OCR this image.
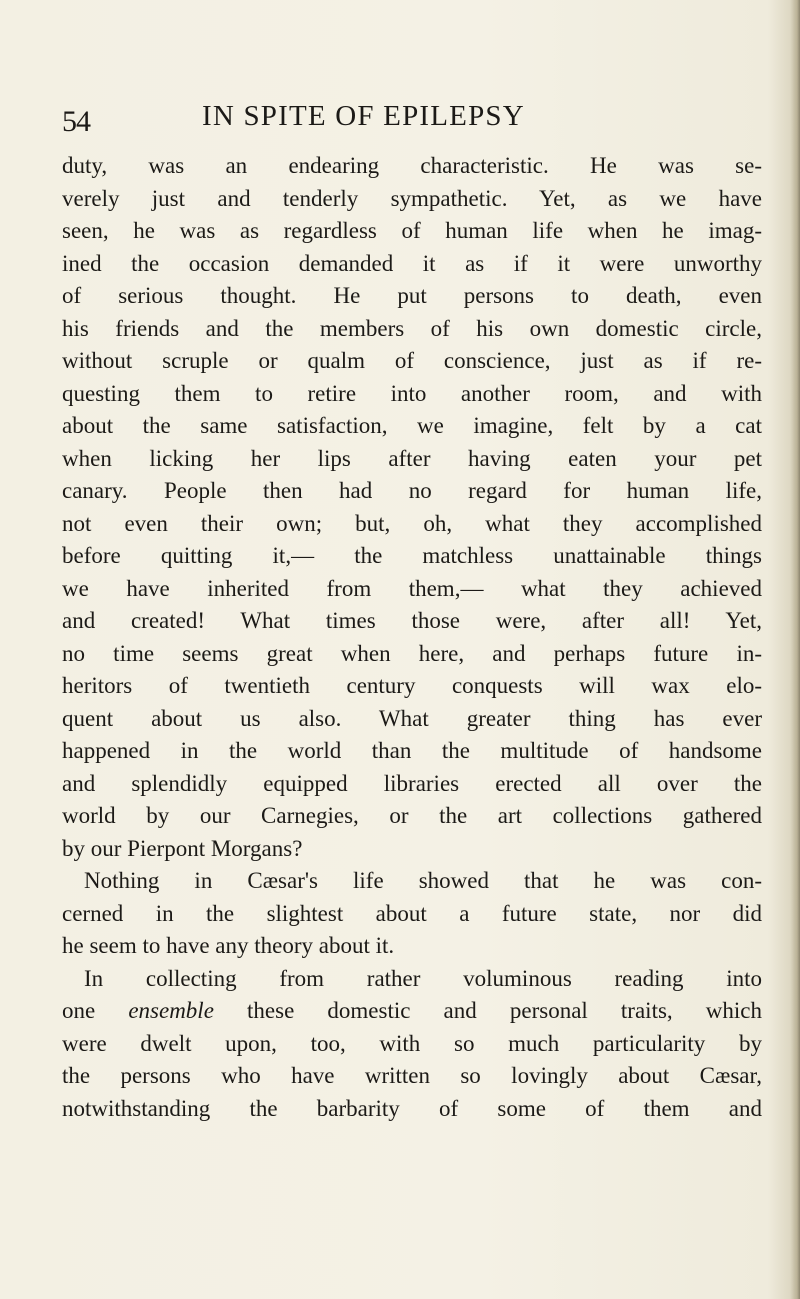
54	IN SPITE OF EPILEPSY
duty, was an endearing characteristic. He was se-
verely just and tenderly sympathetic. Yet, as we have
seen, he was as regardless of human life when he imag-
ined the occasion demanded it as if it were unworthy
of serious thought. He put persons to death, even
his friends and the members of his own domestic circle,
without scruple or qualm of conscience, just as if re-
questing them to retire into another room, and with
about the same satisfaction, we imagine, felt by a cat
when licking her lips after having eaten your pet
canary. People then had no regard for human life,
not even their own; but, oh, what they accomplished
before quitting it,— the matchless unattainable things
we have inherited from them,— what they achieved
and created! What times those were, after all! Yet,
no time seems great when here, and perhaps future in-
heritors of twentieth century conquests will wax elo-
quent about us also. What greater thing has ever
happened in the world than the multitude of handsome
and splendidly equipped libraries erected all over the
world by our Carnegies, or the art collections gathered
by our Pierpont Morgans?
Nothing in Cæsar's life showed that he was con-
cerned in the slightest about a future state, nor did
he seem to have any theory about it.
In collecting from rather voluminous reading into
one ensemble these domestic and personal traits, which
were dwelt upon, too, with so much particularity by
the persons who have written so lovingly about Cæsar,
notwithstanding the barbarity of some of them and
